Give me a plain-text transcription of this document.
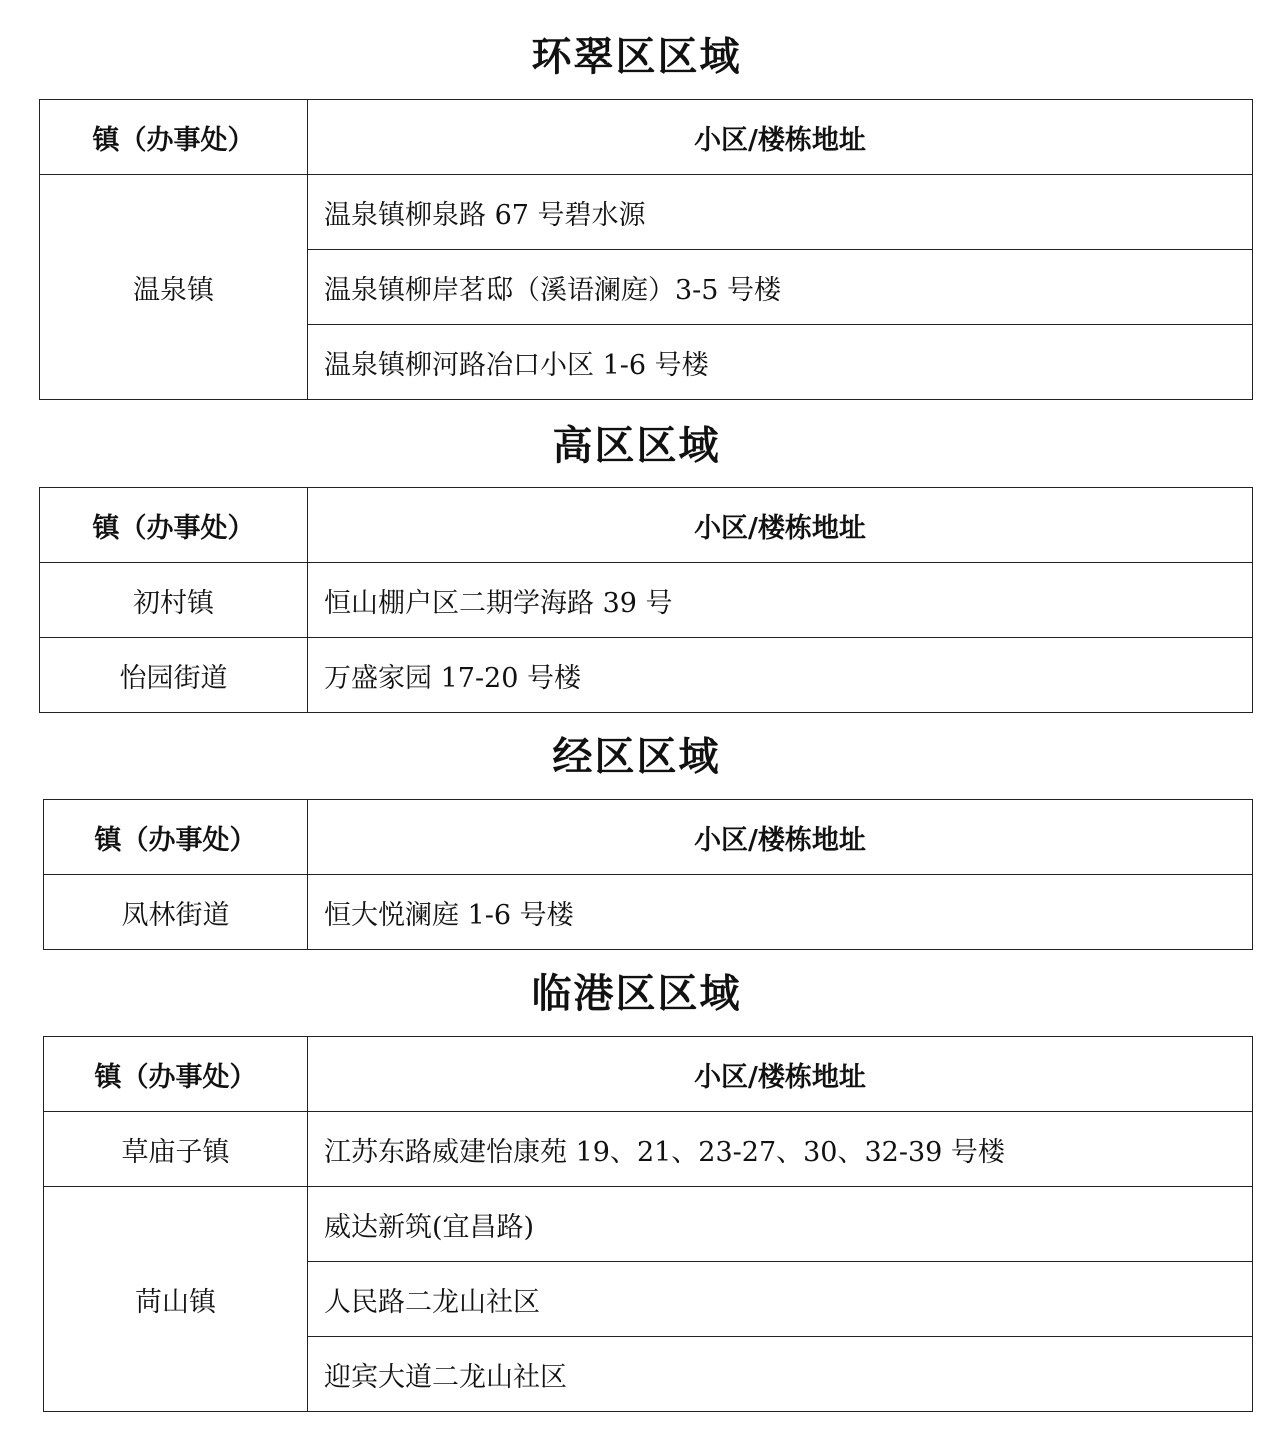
环翠区区域
镇（办事处）	小区/楼栋地址
温泉镇	温泉镇柳泉路 67 号碧水源
	温泉镇柳岸茗邸（溪语澜庭）3-5 号楼
	温泉镇柳河路冶口小区 1-6 号楼
高区区域
镇（办事处）	小区/楼栋地址
初村镇	恒山棚户区二期学海路 39 号
怡园街道	万盛家园 17-20 号楼
经区区域
镇（办事处）	小区/楼栋地址
凤林街道	恒大悦澜庭 1-6 号楼
临港区区域
镇（办事处）	小区/楼栋地址
草庙子镇	江苏东路威建怡康苑 19、21、23-27、30、32-39 号楼
苘山镇	威达新筑(宜昌路)
	人民路二龙山社区
	迎宾大道二龙山社区
